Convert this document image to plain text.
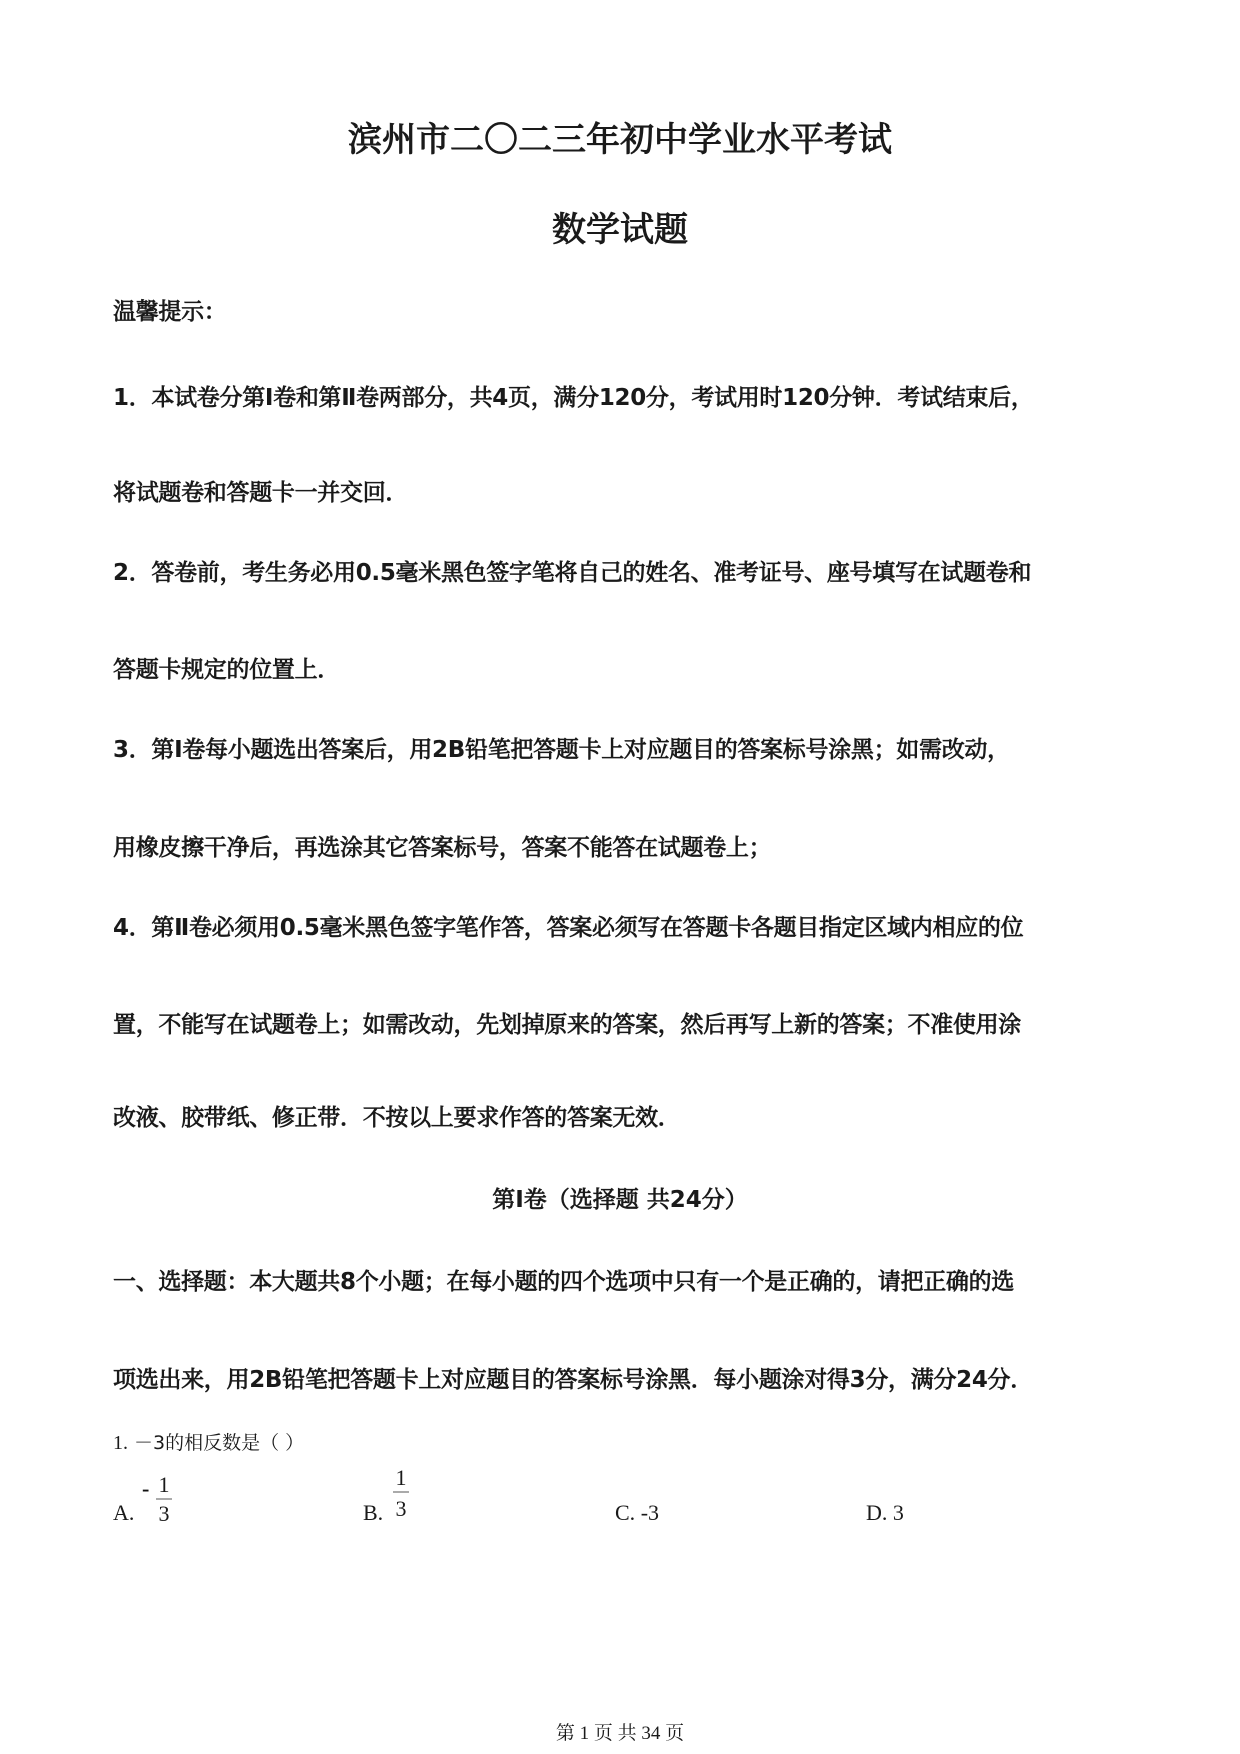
滨州市二〇二三年初中学业水平考试
数学试题
温馨提示：
1．本试卷分第Ⅰ卷和第Ⅱ卷两部分，共4页，满分120分，考试用时120分钟．考试结束后，
将试题卷和答题卡一并交回．
2．答卷前，考生务必用0.5毫米黑色签字笔将自己的姓名、准考证号、座号填写在试题卷和
答题卡规定的位置上．
3．第Ⅰ卷每小题选出答案后，用2B铅笔把答题卡上对应题目的答案标号涂黑；如需改动，
用橡皮擦干净后，再选涂其它答案标号，答案不能答在试题卷上；
4．第Ⅱ卷必须用0.5毫米黑色签字笔作答，答案必须写在答题卡各题目指定区域内相应的位
置，不能写在试题卷上；如需改动，先划掉原来的答案，然后再写上新的答案；不准使用涂
改液、胶带纸、修正带．不按以上要求作答的答案无效．
第Ⅰ卷（选择题 共24分）
一、选择题：本大题共8个小题；在每小题的四个选项中只有一个是正确的，请把正确的选
项选出来，用2B铅笔把答题卡上对应题目的答案标号涂黑．每小题涂对得3分，满分24分．
1. －3的相反数是（ ）
A.
- 1
3	B.
1
3	C. -3	D. 3
第 1 页 共 34 页
